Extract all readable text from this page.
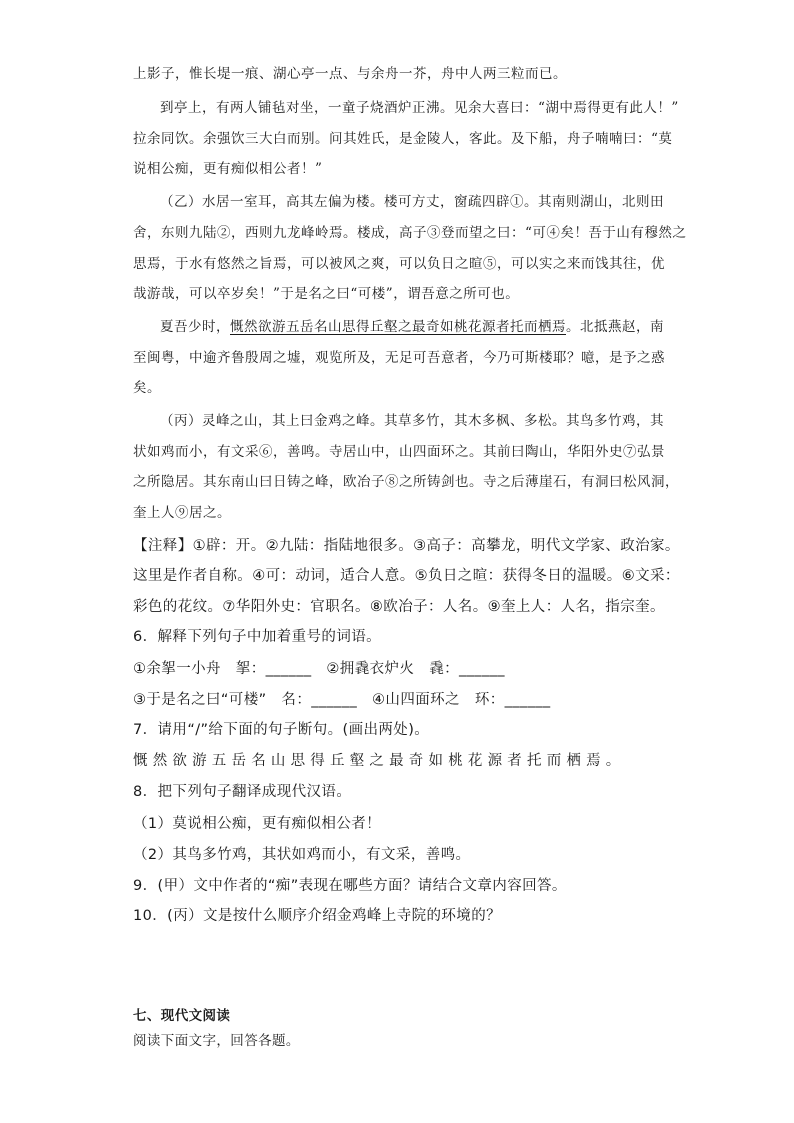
上影子，惟长堤一痕、湖心亭一点、与余舟一芥，舟中人两三粒而已。
到亭上，有两人铺毡对坐，一童子烧酒炉正沸。见余大喜曰：“湖中焉得更有此人！”
拉余同饮。余强饮三大白而别。问其姓氏，是金陵人，客此。及下船，舟子喃喃曰：“莫
说相公痴，更有痴似相公者！”
（乙）水居一室耳，高其左偏为楼。楼可方丈，窗疏四辟①。其南则湖山，北则田
舍，东则九陆②，西则九龙峰岭焉。楼成，高子③登而望之曰：“可④矣！吾于山有穆然之
思焉，于水有悠然之旨焉，可以被风之爽，可以负日之暄⑤，可以实之来而饯其往，优
哉游哉，可以卒岁矣！”于是名之曰“可楼”，谓吾意之所可也。
夏吾少时，慨然欲游五岳名山思得丘壑之最奇如桃花源者托而栖焉。北抵燕赵，南
至闽粤，中逾齐鲁殷周之墟，观览所及，无足可吾意者，今乃可斯楼耶？噫，是予之惑
矣。
（丙）灵峰之山，其上曰金鸡之峰。其草多竹，其木多枫、多松。其鸟多竹鸡，其
状如鸡而小，有文采⑥，善鸣。寺居山中，山四面环之。其前曰陶山，华阳外史⑦弘景
之所隐居。其东南山曰日铸之峰，欧冶子⑧之所铸剑也。寺之后薄崖石，有洞曰松风洞，
奎上人⑨居之。
【注释】①辟：开。②九陆：指陆地很多。③高子：高攀龙，明代文学家、政治家。
这里是作者自称。④可：动词，适合人意。⑤负日之暄：获得冬日的温暖。⑥文采：
彩色的花纹。⑦华阳外史：官职名。⑧欧冶子：人名。⑨奎上人：人名，指宗奎。
6．解释下列句子中加着重号的词语。
①余挐一小舟　挐：______　②拥毳衣炉火　毳：______
③于是名之曰“可楼”　名：______　④山四面环之　环：______
7．请用“/”给下面的句子断句。(画出两处)。
慨然欲游五岳名山思得丘壑之最奇如桃花源者托而栖焉。
8．把下列句子翻译成现代汉语。
（1）莫说相公痴，更有痴似相公者！
（2）其鸟多竹鸡，其状如鸡而小，有文采，善鸣。
9．(甲）文中作者的“痴”表现在哪些方面？请结合文章内容回答。
10．(丙）文是按什么顺序介绍金鸡峰上寺院的环境的？
七、现代文阅读
阅读下面文字，回答各题。
